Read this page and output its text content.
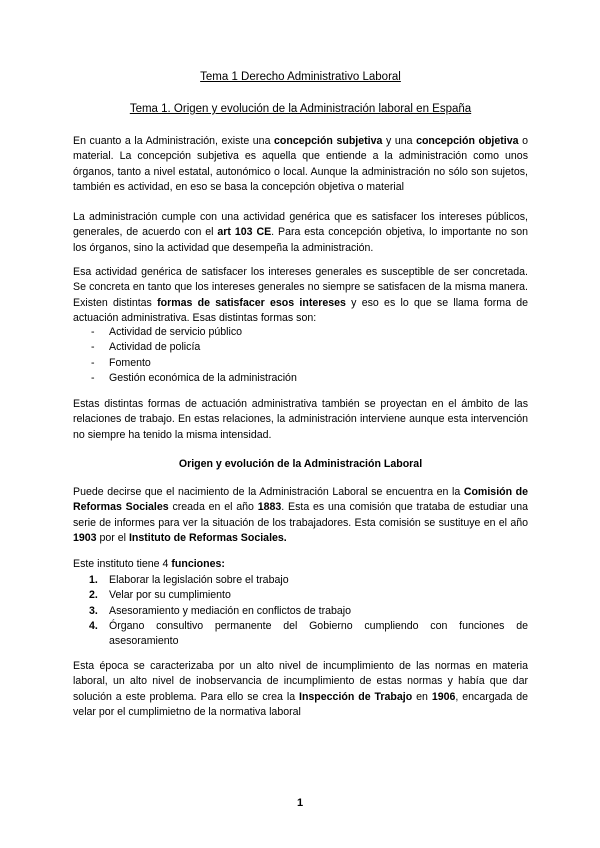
Tema 1 Derecho Administrativo Laboral

Tema 1. Origen y evolución de la Administración laboral en España

En cuanto a la Administración, existe una concepción subjetiva y una concepción objetiva o material. La concepción subjetiva es aquella que entiende a la administración como unos órganos, tanto a nivel estatal, autonómico o local. Aunque la administración no sólo son sujetos, también es actividad, en eso se basa la concepción objetiva o material

La administración cumple con una actividad genérica que es satisfacer los intereses públicos, generales, de acuerdo con el art 103 CE. Para esta concepción objetiva, lo importante no son los órganos, sino la actividad que desempeña la administración.

Esa actividad genérica de satisfacer los intereses generales es susceptible de ser concretada. Se concreta en tanto que los intereses generales no siempre se satisfacen de la misma manera. Existen distintas formas de satisfacer esos intereses y eso es lo que se llama forma de actuación administrativa. Esas distintas formas son:

- Actividad de servicio público
- Actividad de policía
- Fomento
- Gestión económica de la administración

Estas distintas formas de actuación administrativa también se proyectan en el ámbito de las relaciones de trabajo. En estas relaciones, la administración interviene aunque esta intervención no siempre ha tenido la misma intensidad.

Origen y evolución de la Administración Laboral

Puede decirse que el nacimiento de la Administración Laboral se encuentra en la Comisión de Reformas Sociales creada en el año 1883. Esta es una comisión que trataba de estudiar una serie de informes para ver la situación de los trabajadores. Esta comisión se sustituye en el año 1903 por el Instituto de Reformas Sociales.

Este instituto tiene 4 funciones:

1. Elaborar la legislación sobre el trabajo
2. Velar por su cumplimiento
3. Asesoramiento y mediación en conflictos de trabajo
4. Órgano consultivo permanente del Gobierno cumpliendo con funciones de asesoramiento

Esta época se caracterizaba por un alto nivel de incumplimiento de las normas en materia laboral, un alto nivel de inobservancia de incumplimiento de estas normas y había que dar solución a este problema. Para ello se crea la Inspección de Trabajo en 1906, encargada de velar por el cumplimietno de la normativa laboral

1
